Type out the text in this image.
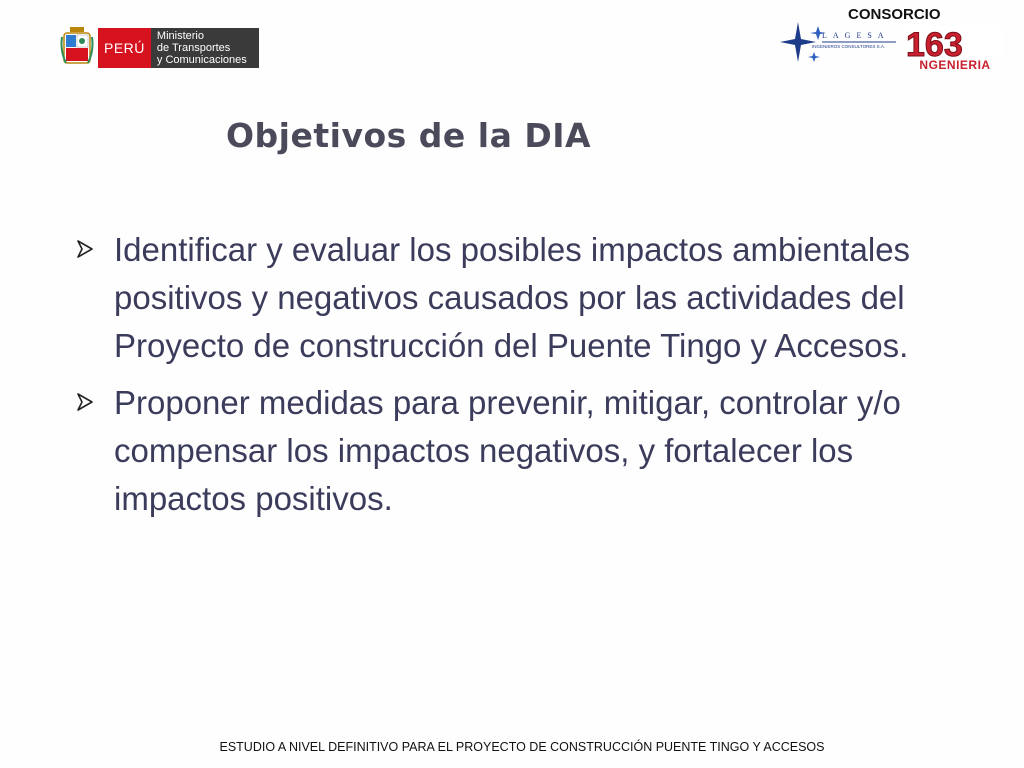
PERÚ
Ministerio
de Transportes
y Comunicaciones
CONSORCIO
LAGESA
INGENIEROS CONSULTORES S.A. 163
NGENIERIA
Objetivos de la DIA
Identificar y evaluar los posibles impactos ambientales positivos y negativos causados por las actividades del Proyecto de construcción del Puente Tingo y Accesos.
Proponer medidas para prevenir, mitigar, controlar y/o compensar los impactos negativos, y fortalecer los impactos positivos.
ESTUDIO A NIVEL DEFINITIVO PARA EL PROYECTO DE CONSTRUCCIÓN PUENTE TINGO Y ACCESOS
